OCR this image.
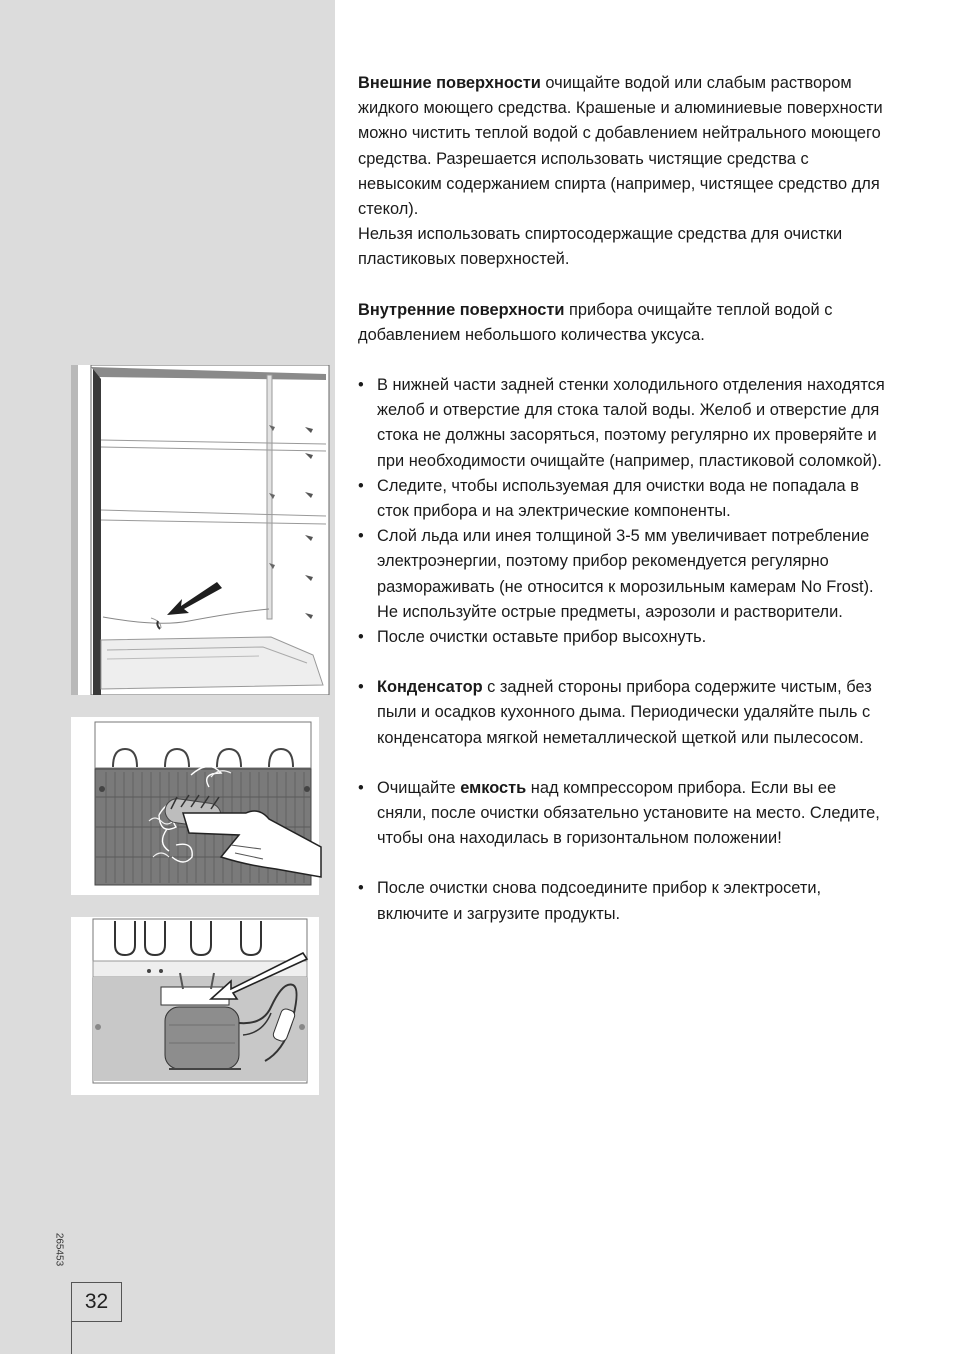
265453
32

Внешние поверхности очищайте водой или слабым раствором жидкого моющего средства. Крашеные и алюминиевые поверхности можно чистить теплой водой с добавлением нейтрального моющего средства. Разрешается использовать чистящие средства с невысоким содержанием спирта (например, чистящее средство для стекол).

Нельзя использовать спиртосодержащие средства для очистки пластиковых поверхностей.

Внутренние поверхности прибора очищайте теплой водой с добавлением небольшого количества уксуса.

• В нижней части задней стенки холодильного отделения находятся желоб и отверстие для стока талой воды. Желоб и отверстие для стока не должны засоряться, поэтому регулярно их проверяйте и при необходимости очищайте (например, пластиковой соломкой).

• Следите, чтобы используемая для очистки вода не попадала в сток прибора и на электрические компоненты.

• Слой льда или инея толщиной 3-5 мм увеличивает потребление электроэнергии, поэтому прибор рекомендуется регулярно размораживать (не относится к морозильным камерам No Frost). Не используйте острые предметы, аэрозоли и растворители.

• После очистки оставьте прибор высохнуть.

• Конденсатор с задней стороны прибора содержите чистым, без пыли и осадков кухонного дыма. Периодически удаляйте пыль с конденсатора мягкой неметаллической щеткой или пылесосом.

• Очищайте емкость над компрессором прибора. Если вы ее сняли, после очистки обязательно установите на место. Следите, чтобы она находилась в горизонтальном положении!

• После очистки снова подсоедините прибор к электросети, включите и загрузите продукты.
